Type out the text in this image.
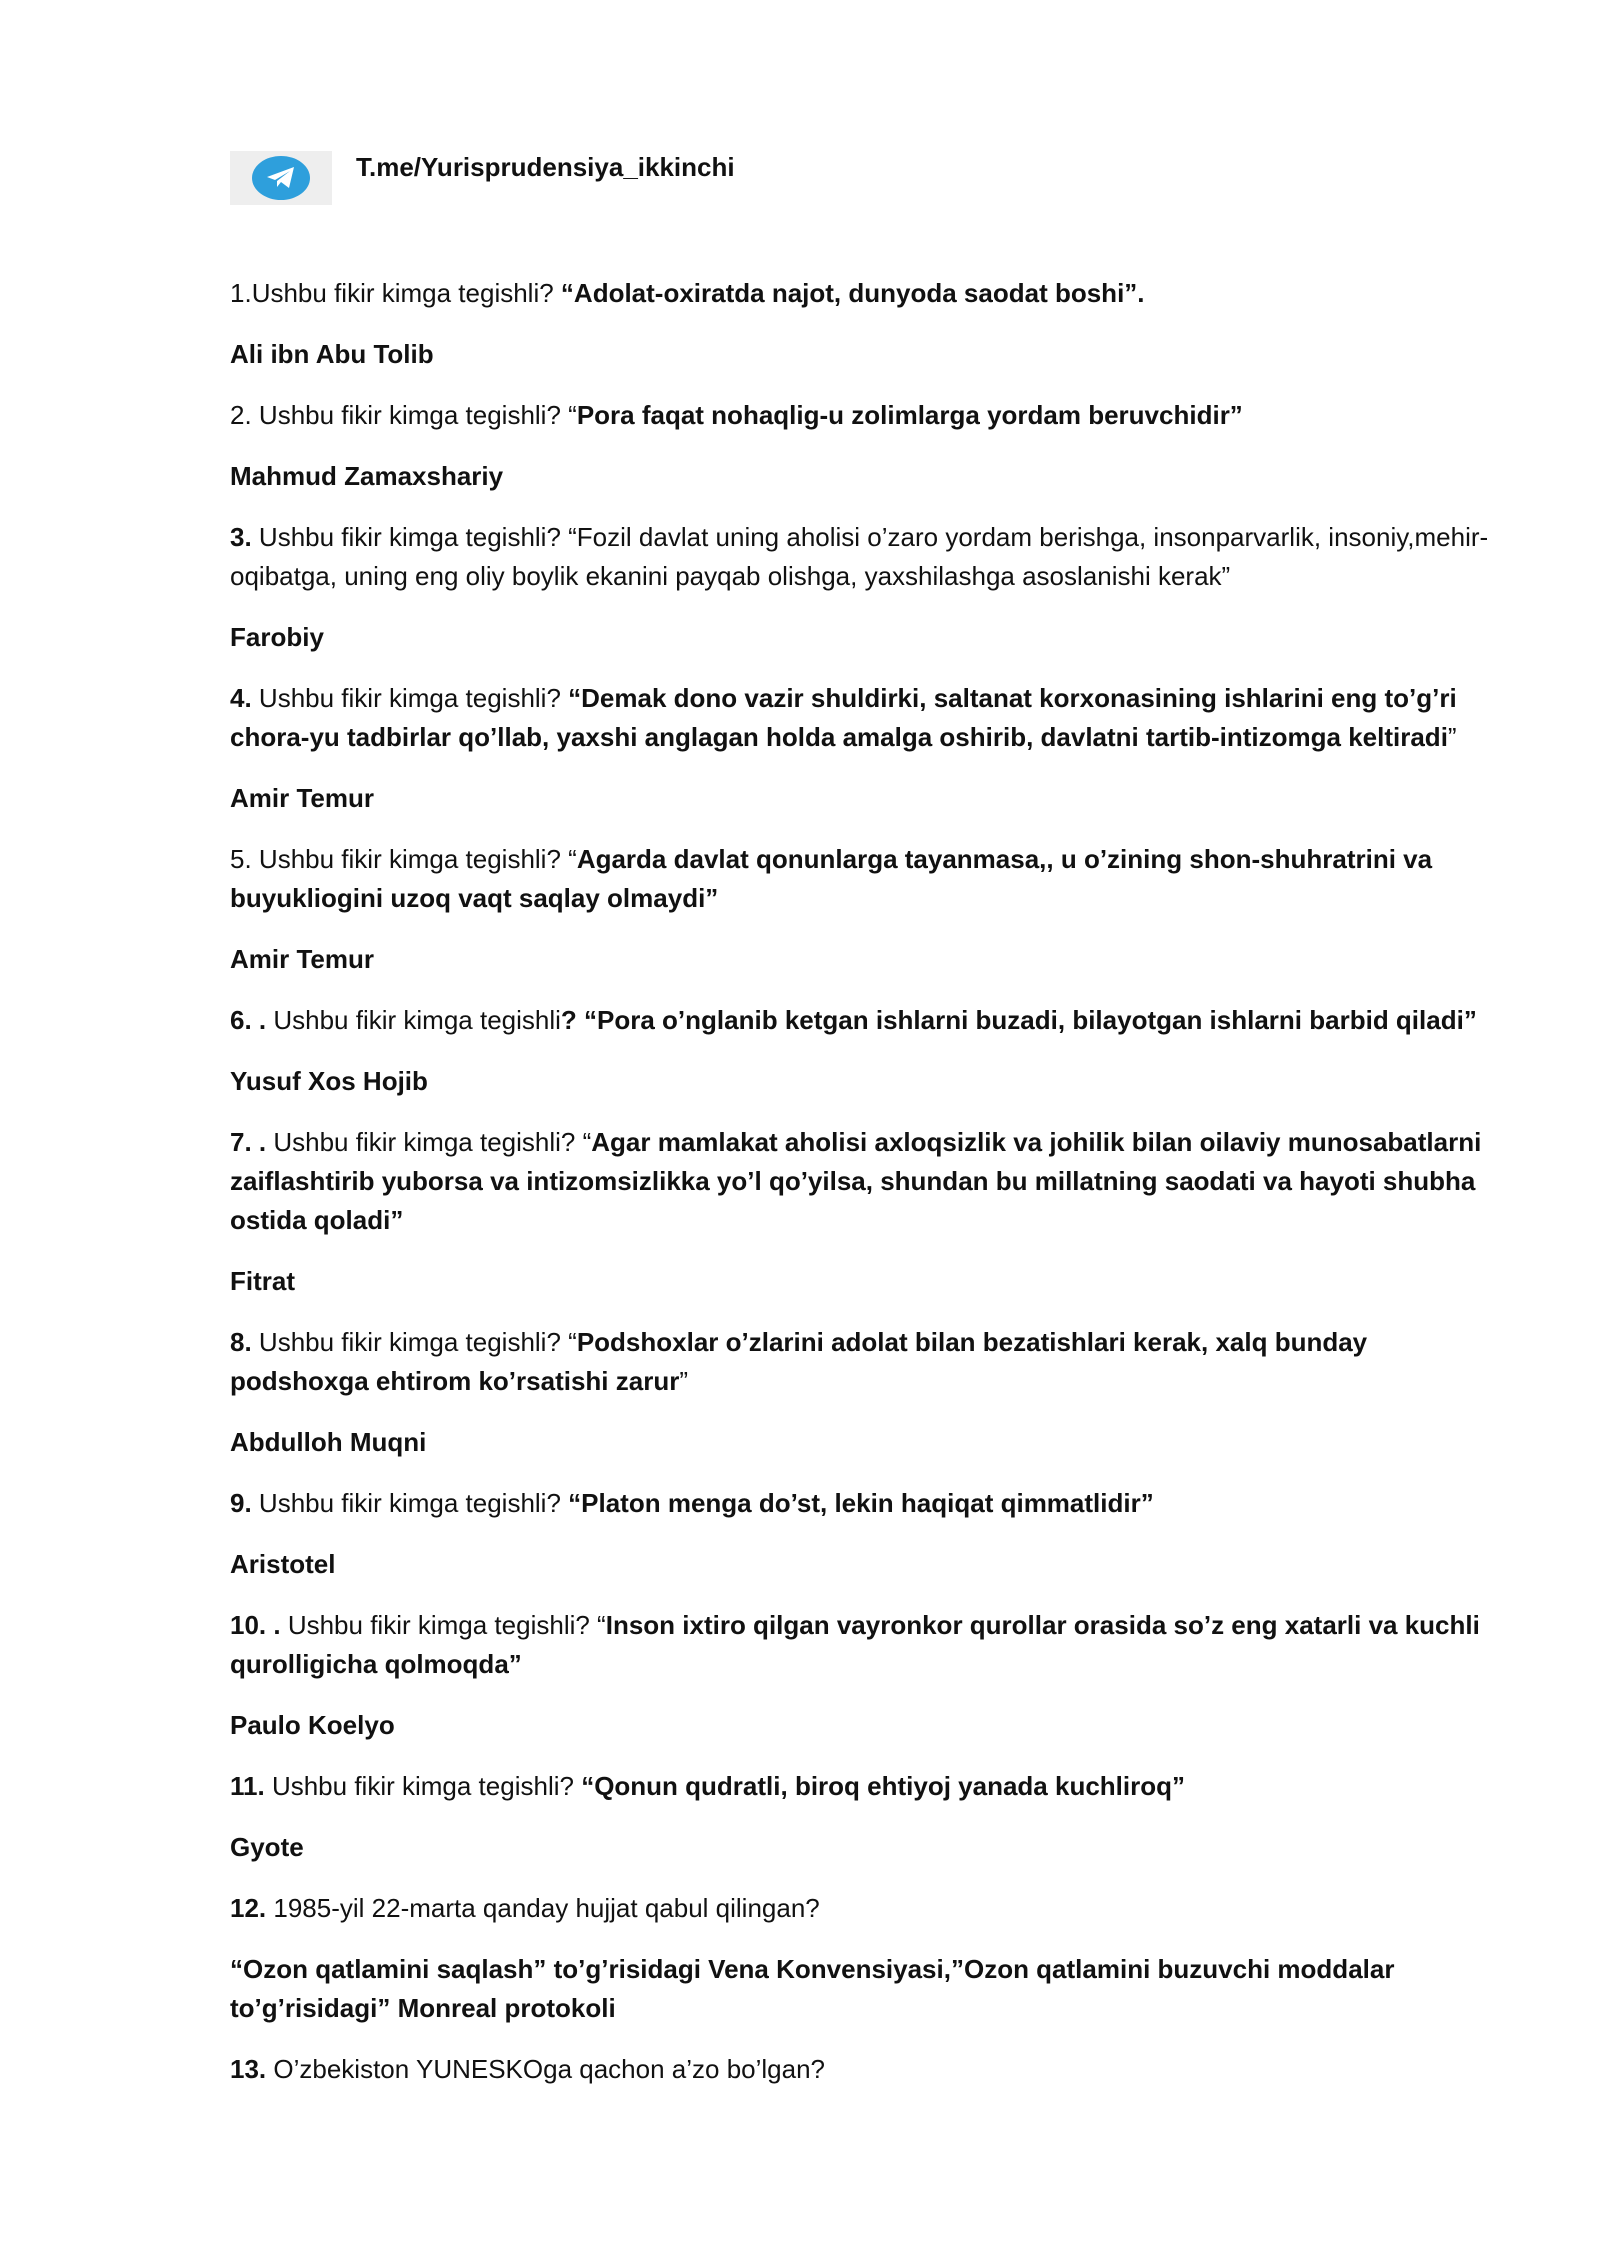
T.me/Yurisprudensiya_ikkinchi

1.Ushbu fikir kimga tegishli? “Adolat-oxiratda najot, dunyoda saodat boshi”.

Ali ibn Abu Tolib

2. Ushbu fikir kimga tegishli? “Pora faqat nohaqlig-u zolimlarga yordam beruvchidir”

Mahmud Zamaxshariy

3. Ushbu fikir kimga tegishli? “Fozil davlat uning aholisi o’zaro yordam berishga, insonparvarlik, insoniy,mehir-oqibatga, uning eng oliy boylik ekanini payqab olishga, yaxshilashga asoslanishi kerak”

Farobiy

4. Ushbu fikir kimga tegishli? “Demak dono vazir shuldirki, saltanat korxonasining ishlarini eng to’g’ri chora-yu tadbirlar qo’llab, yaxshi anglagan holda amalga oshirib, davlatni tartib-intizomga keltiradi”

Amir Temur

5. Ushbu fikir kimga tegishli? “Agarda davlat qonunlarga tayanmasa,, u o’zining shon-shuhratrini va buyukliogini uzoq vaqt saqlay olmaydi”

Amir Temur

6. . Ushbu fikir kimga tegishli? “Pora o’nglanib ketgan ishlarni buzadi, bilayotgan ishlarni barbid qiladi”

Yusuf Xos Hojib

7. . Ushbu fikir kimga tegishli? “Agar mamlakat aholisi axloqsizlik va johilik bilan oilaviy munosabatlarni zaiflashtirib yuborsa va intizomsizlikka yo’l qo’yilsa, shundan bu millatning saodati va hayoti shubha ostida qoladi”

Fitrat

8. Ushbu fikir kimga tegishli? “Podshoxlar o’zlarini adolat bilan bezatishlari kerak, xalq bunday podshoxga ehtirom ko’rsatishi zarur”

Abdulloh Muqni

9. Ushbu fikir kimga tegishli? “Platon menga do’st, lekin haqiqat qimmatlidir”

Aristotel

10. . Ushbu fikir kimga tegishli? “Inson ixtiro qilgan vayronkor qurollar orasida so’z eng xatarli va kuchli qurolligicha qolmoqda”

Paulo Koelyo

11. Ushbu fikir kimga tegishli? “Qonun qudratli, biroq ehtiyoj yanada kuchliroq”

Gyote

12. 1985-yil 22-marta qanday hujjat qabul qilingan?

“Ozon qatlamini saqlash” to’g’risidagi Vena Konvensiyasi,”Ozon qatlamini buzuvchi moddalar to’g’risidagi” Monreal protokoli

13. O’zbekiston YUNESKOga qachon a’zo bo’lgan?
